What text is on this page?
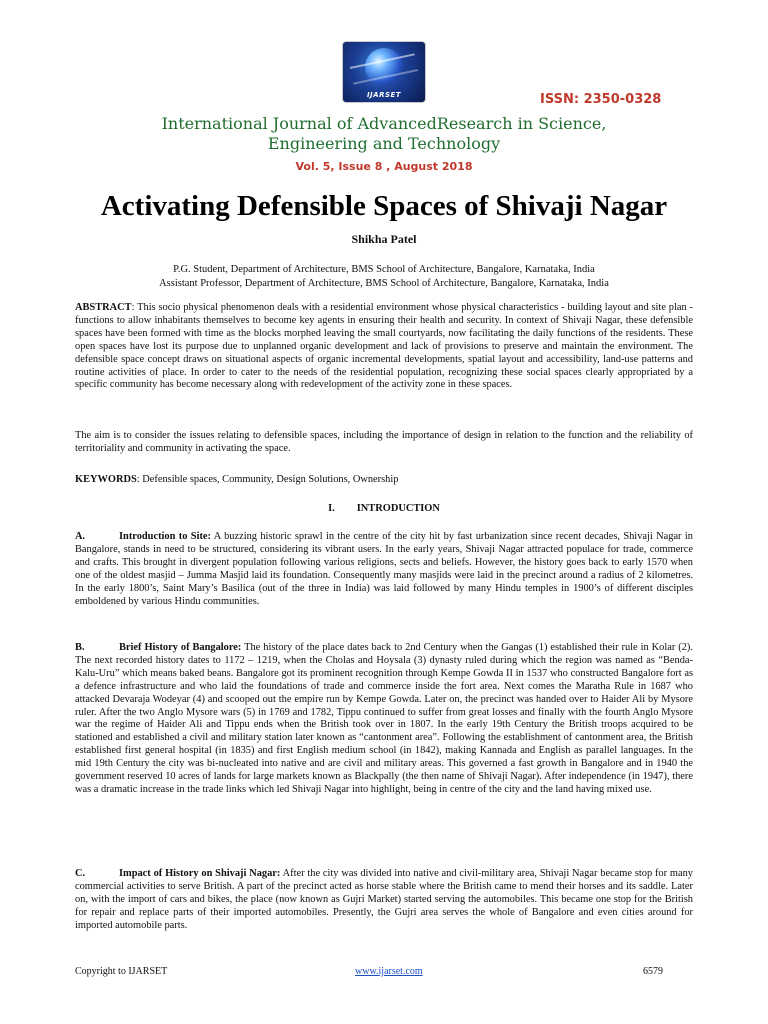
IJARSET	ISSN: 2350-0328
International Journal of AdvancedResearch in Science,
Engineering and Technology
Vol. 5, Issue 8 , August 2018
Activating Defensible Spaces of Shivaji Nagar
Shikha Patel
P.G. Student, Department of Architecture, BMS School of Architecture, Bangalore, Karnataka, India
Assistant Professor, Department of Architecture, BMS School of Architecture, Bangalore, Karnataka, India
ABSTRACT: This socio physical phenomenon deals with a residential environment whose physical characteristics - building layout and site plan - functions to allow inhabitants themselves to become key agents in ensuring their health and security. In context of Shivaji Nagar, these defensible spaces have been formed with time as the blocks morphed leaving the small courtyards, now facilitating the daily functions of the residents. These open spaces have lost its purpose due to unplanned organic development and lack of provisions to preserve and maintain the environment. The defensible space concept draws on situational aspects of organic incremental developments, spatial layout and accessibility, land-use patterns and routine activities of place. In order to cater to the needs of the residential population, recognizing these social spaces clearly appropriated by a specific community has become necessary along with redevelopment of the activity zone in these spaces.
The aim is to consider the issues relating to defensible spaces, including the importance of design in relation to the function and the reliability of territoriality and community in activating the space.
KEYWORDS: Defensible spaces, Community, Design Solutions, Ownership
I. INTRODUCTION
A.	Introduction to Site: A buzzing historic sprawl in the centre of the city hit by fast urbanization since recent decades, Shivaji Nagar in Bangalore, stands in need to be structured, considering its vibrant users. In the early years, Shivaji Nagar attracted populace for trade, commerce and crafts. This brought in divergent population following various religions, sects and beliefs. However, the history goes back to early 1570 when one of the oldest masjid – Jumma Masjid laid its foundation. Consequently many masjids were laid in the precinct around a radius of 2 kilometres. In the early 1800’s, Saint Mary’s Basilica (out of the three in India) was laid followed by many Hindu temples in 1900’s of different disciples emboldened by various Hindu communities.
B.	Brief History of Bangalore: The history of the place dates back to 2nd Century when the Gangas (1) established their rule in Kolar (2). The next recorded history dates to 1172 – 1219, when the Cholas and Hoysala (3) dynasty ruled during which the region was named as “Benda-Kalu-Uru” which means baked beans. Bangalore got its prominent recognition through Kempe Gowda II in 1537 who constructed Bangalore fort as a defence infrastructure and who laid the foundations of trade and commerce inside the fort area. Next comes the Maratha Rule in 1687 who attacked Devaraja Wodeyar (4) and scooped out the empire run by Kempe Gowda. Later on, the precinct was handed over to Haider Ali by Mysore ruler. After the two Anglo Mysore wars (5) in 1769 and 1782, Tippu continued to suffer from great losses and finally with the fourth Anglo Mysore war the regime of Haider Ali and Tippu ends when the British took over in 1807. In the early 19th Century the British troops acquired to be stationed and established a civil and military station later known as “cantonment area”. Following the establishment of cantonment area, the British established first general hospital (in 1835) and first English medium school (in 1842), making Kannada and English as parallel languages. In the mid 19th Century the city was bi-nucleated into native and are civil and military areas. This governed a fast growth in Bangalore and in 1940 the government reserved 10 acres of lands for large markets known as Blackpally (the then name of Shivaji Nagar). After independence (in 1947), there was a dramatic increase in the trade links which led Shivaji Nagar into highlight, being in centre of the city and the land having mixed use.
C.	Impact of History on Shivaji Nagar: After the city was divided into native and civil-military area, Shivaji Nagar became stop for many commercial activities to serve British. A part of the precinct acted as horse stable where the British came to mend their horses and its saddle. Later on, with the import of cars and bikes, the place (now known as Gujri Market) started serving the automobiles. This became one stop for the British for repair and replace parts of their imported automobiles. Presently, the Gujri area serves the whole of Bangalore and even cities around for imported automobile parts.
Copyright to IJARSET	www.ijarset.com	6579
